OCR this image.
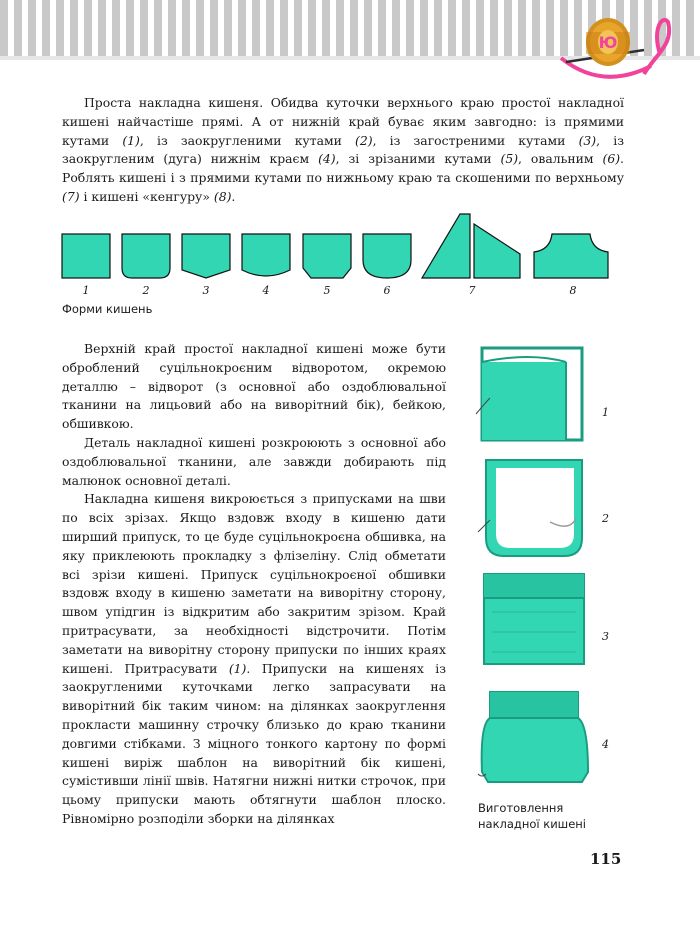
Ю

Проста накладна кишеня. Обидва куточки верхнього краю простої накладної кишені найчастіше прямі. А от нижній край буває яким завгодно: із прямими кутами (1), із заокругленими кутами (2), із загостреними кутами (3), із заокругленим (дуга) нижнім краєм (4), зі зрізаними кутами (5), овальним (6). Роблять кишені і з прямими кутами по нижньому краю та скошеними по верхньому (7) і кишені «кенгуру» (8).

1	2	3	4	5	6	7	8
Форми кишень

Верхній край простої накладної кишені може бути оброблений суцільнокроєним відворотом, окремою деталлю – відворот (з основної або оздоблювальної тканини на лицьовий або на виворітний бік), бейкою, обшивкою.

Деталь накладної кишені розкроюють з основної або оздоблювальної тканини, але завжди добирають під малюнок основної деталі.

Накладна кишеня викроюється з припусками на шви по всіх зрізах. Якщо вздовж входу в кишеню дати ширший припуск, то це буде суцільнокроєна обшивка, на яку приклеюють прокладку з флізеліну. Слід обметати всі зрізи кишені. Припуск суцільнокроєної обшивки вздовж входу в кишеню заметати на виворітну сторону, швом упідгин із відкритим або закритим зрізом. Край притрасувати, за необхідності відстрочити. Потім заметати на виворітну сторону припуски по інших краях кишені. Притрасувати (1). Припуски на кишенях із заокругленими куточками легко запрасувати на виворітний бік таким чином: на ділянках заокруглення прокласти машинну строчку близько до краю тканини довгими стібками. З міцного тонкого картону по формі кишені виріж шаблон на виворітний бік кишені, сумістивши лінії швів. Натягни нижні нитки строчок, при цьому припуски мають обтягнути шаблон плоско. Рівномірно розподіли зборки на ділянках

1
2
3
4
Виготовлення
накладної кишені
115
